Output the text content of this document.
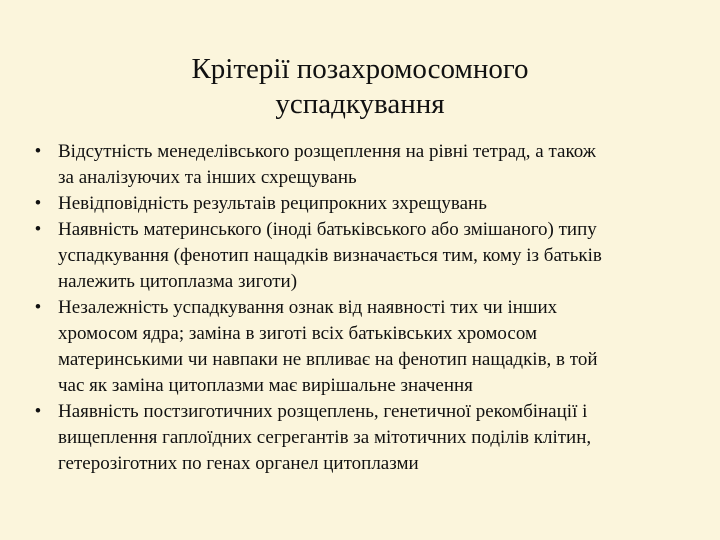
Крітерії позахромосомного
успадкування
• Відсутність менеделівського розщеплення на рівні тетрад, а також
за аналізуючих та інших схрещувань
• Невідповідність результаів реципрокних зхрещувань
• Наявність материнського (іноді батьківського або змішаного) типу
успадкування (фенотип нащадків визначається тим, кому із батьків
належить цитоплазма зиготи)
• Незалежність успадкування ознак від наявності тих чи інших
хромосом ядра; заміна в зиготі всіх батьківських хромосом
материнськими чи навпаки не впливає на фенотип нащадків, в той
час як заміна цитоплазми має вирішальне значення
• Наявність постзиготичних розщеплень, генетичної рекомбінації і
вищеплення гаплоїдних сегрегантів за мітотичних поділів клітин,
гетерозіготних по генах органел цитоплазми
